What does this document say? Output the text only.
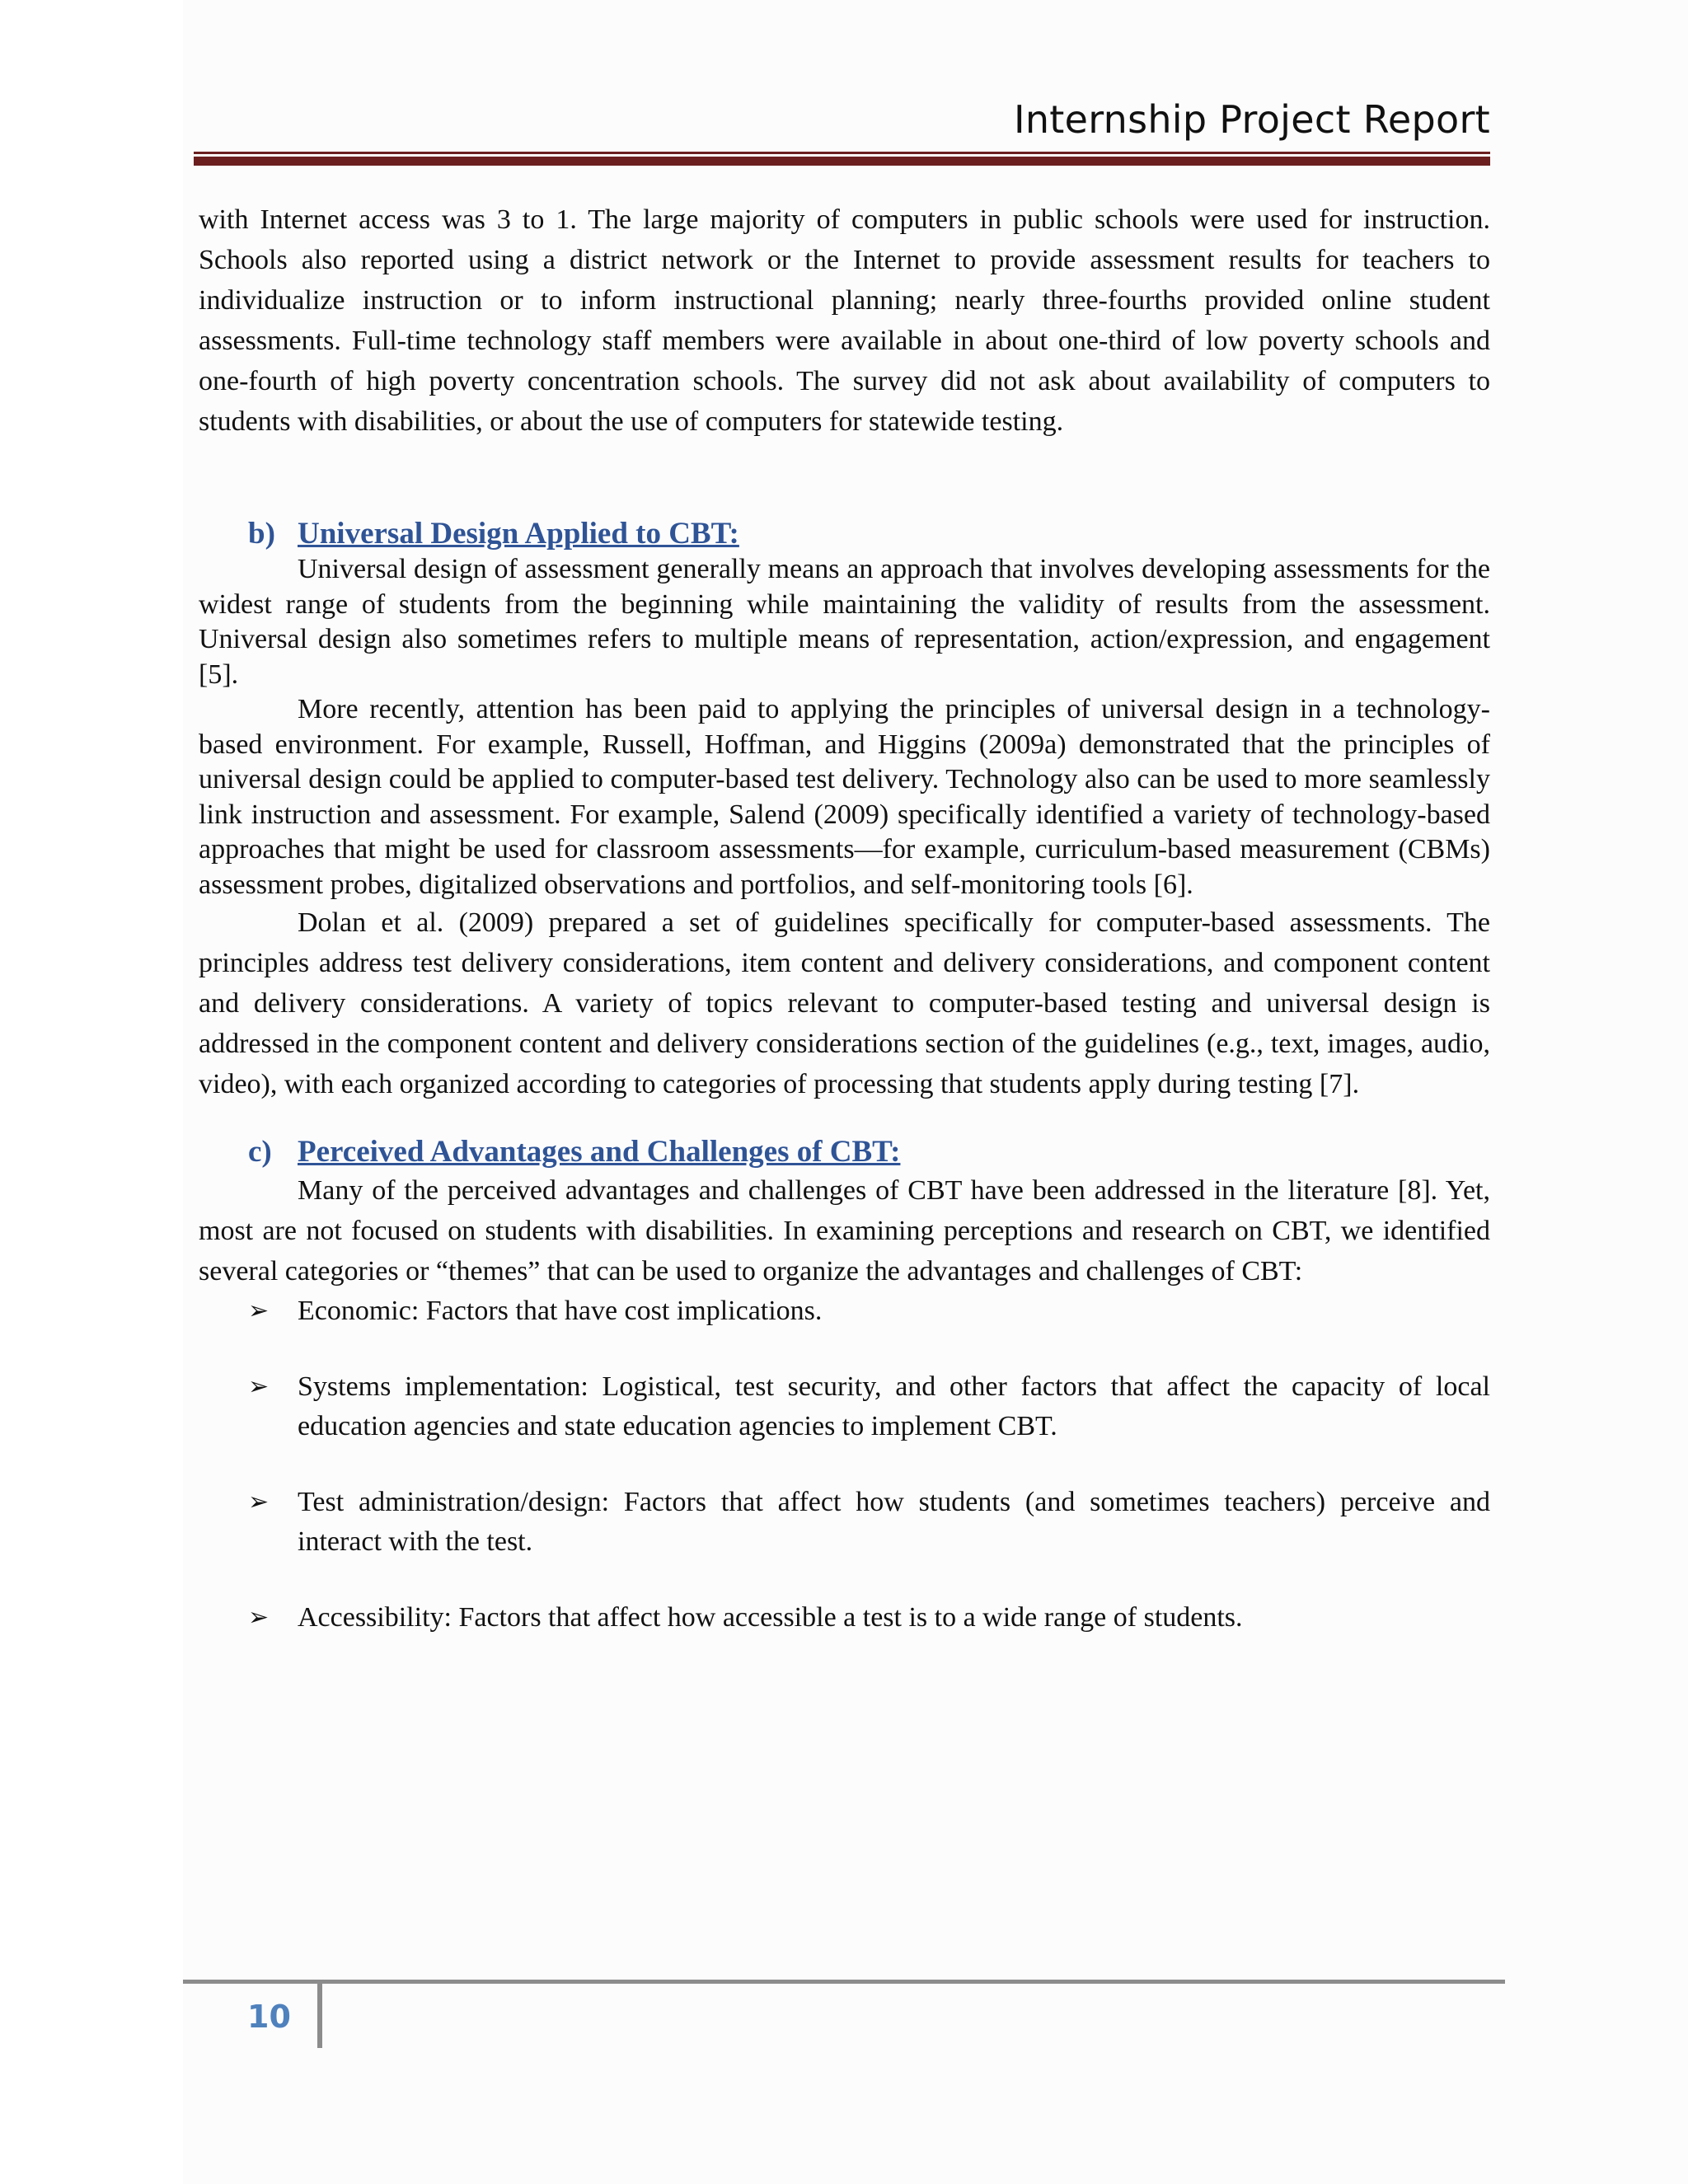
Internship Project Report

with Internet access was 3 to 1. The large majority of computers in public schools were used for instruction. Schools also reported using a district network or the Internet to provide assessment results for teachers to individualize instruction or to inform instructional planning; nearly three-fourths provided online student assessments. Full-time technology staff members were available in about one-third of low poverty schools and one-fourth of high poverty concentration schools. The survey did not ask about availability of computers to students with disabilities, or about the use of computers for statewide testing.

b) Universal Design Applied to CBT:

Universal design of assessment generally means an approach that involves developing assessments for the widest range of students from the beginning while maintaining the validity of results from the assessment. Universal design also sometimes refers to multiple means of representation, action/expression, and engagement [5].

More recently, attention has been paid to applying the principles of universal design in a technology-based environment. For example, Russell, Hoffman, and Higgins (2009a) demonstrated that the principles of universal design could be applied to computer-based test delivery. Technology also can be used to more seamlessly link instruction and assessment. For example, Salend (2009) specifically identified a variety of technology-based approaches that might be used for classroom assessments—for example, curriculum-based measurement (CBMs) assessment probes, digitalized observations and portfolios, and self-monitoring tools [6].

Dolan et al. (2009) prepared a set of guidelines specifically for computer-based assessments. The principles address test delivery considerations, item content and delivery considerations, and component content and delivery considerations. A variety of topics relevant to computer-based testing and universal design is addressed in the component content and delivery considerations section of the guidelines (e.g., text, images, audio, video), with each organized according to categories of processing that students apply during testing [7].

c) Perceived Advantages and Challenges of CBT:

Many of the perceived advantages and challenges of CBT have been addressed in the literature [8]. Yet, most are not focused on students with disabilities. In examining perceptions and research on CBT, we identified several categories or “themes” that can be used to organize the advantages and challenges of CBT:

➢ Economic: Factors that have cost implications.
➢ Systems implementation: Logistical, test security, and other factors that affect the capacity of local education agencies and state education agencies to implement CBT.
➢ Test administration/design: Factors that affect how students (and sometimes teachers) perceive and interact with the test.
➢ Accessibility: Factors that affect how accessible a test is to a wide range of students.
10
